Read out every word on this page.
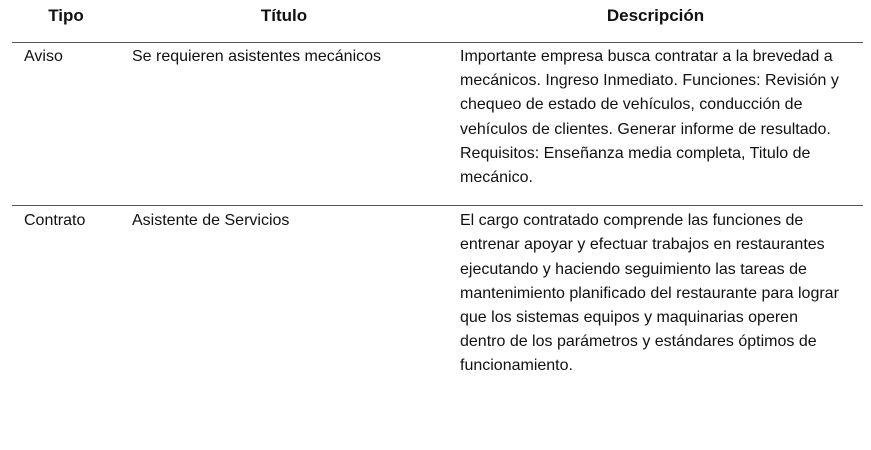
Tipo	Título	Descripción
Aviso	Se requieren asistentes mecánicos	Importante empresa busca contratar a la brevedad a mecánicos. Ingreso Inmediato. Funciones: Revisión y chequeo de estado de vehículos, conducción de vehículos de clientes. Generar informe de resultado. Requisitos: Enseñanza media completa, Titulo de mecánico.
Contrato	Asistente de Servicios	El cargo contratado comprende las funciones de entrenar apoyar y efectuar trabajos en restaurantes ejecutando y haciendo seguimiento las tareas de mantenimiento planificado del restaurante para lograr que los sistemas equipos y maquinarias operen dentro de los parámetros y estándares óptimos de funcionamiento.
